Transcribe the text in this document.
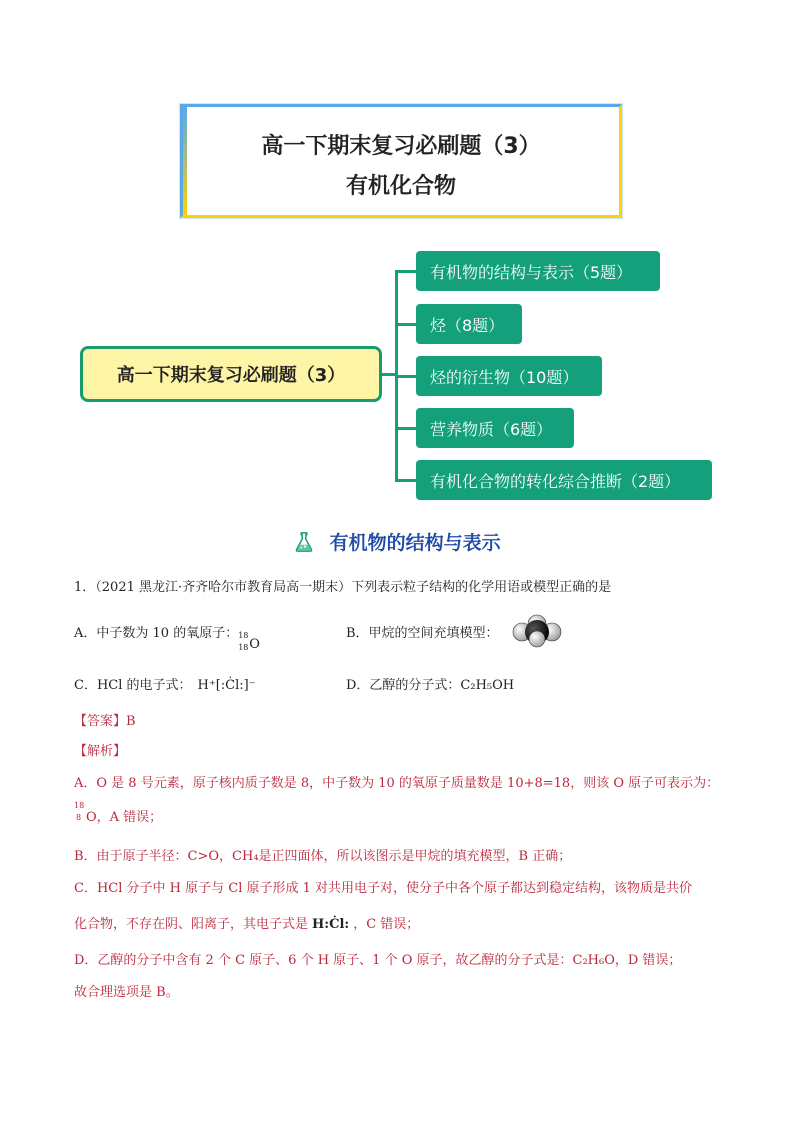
高一下期末复习必刷题（3）
有机化合物
高一下期末复习必刷题（3）
有机物的结构与表示（5题）
烃（8题）
烃的衍生物（10题）
营养物质（6题）
有机化合物的转化综合推断（2题）
有机物的结构与表示
1．（2021 黑龙江·齐齐哈尔市教育局高一期末）下列表示粒子结构的化学用语或模型正确的是
A．中子数为 10 的氧原子： 18
18 O
B．甲烷的空间充填模型：
C．HCl 的电子式： H⁺[:Ċl:]⁻	D．乙醇的分子式：C₂H₅OH
【答案】B
【解析】
A．O 是 8 号元素，原子核内质子数是 8，中子数为 10 的氧原子质量数是 10+8=18，则该 O 原子可表示为：
18
8 O，A 错误；
B．由于原子半径：C>O，CH₄是正四面体，所以该图示是甲烷的填充模型，B 正确；
C．HCl 分子中 H 原子与 Cl 原子形成 1 对共用电子对，使分子中各个原子都达到稳定结构，该物质是共价
化合物，不存在阴、阳离子，其电子式是 H:Ċl: ，C 错误；
D．乙醇的分子中含有 2 个 C 原子、6 个 H 原子、1 个 O 原子，故乙醇的分子式是：C₂H₆O，D 错误；
故合理选项是 B。
